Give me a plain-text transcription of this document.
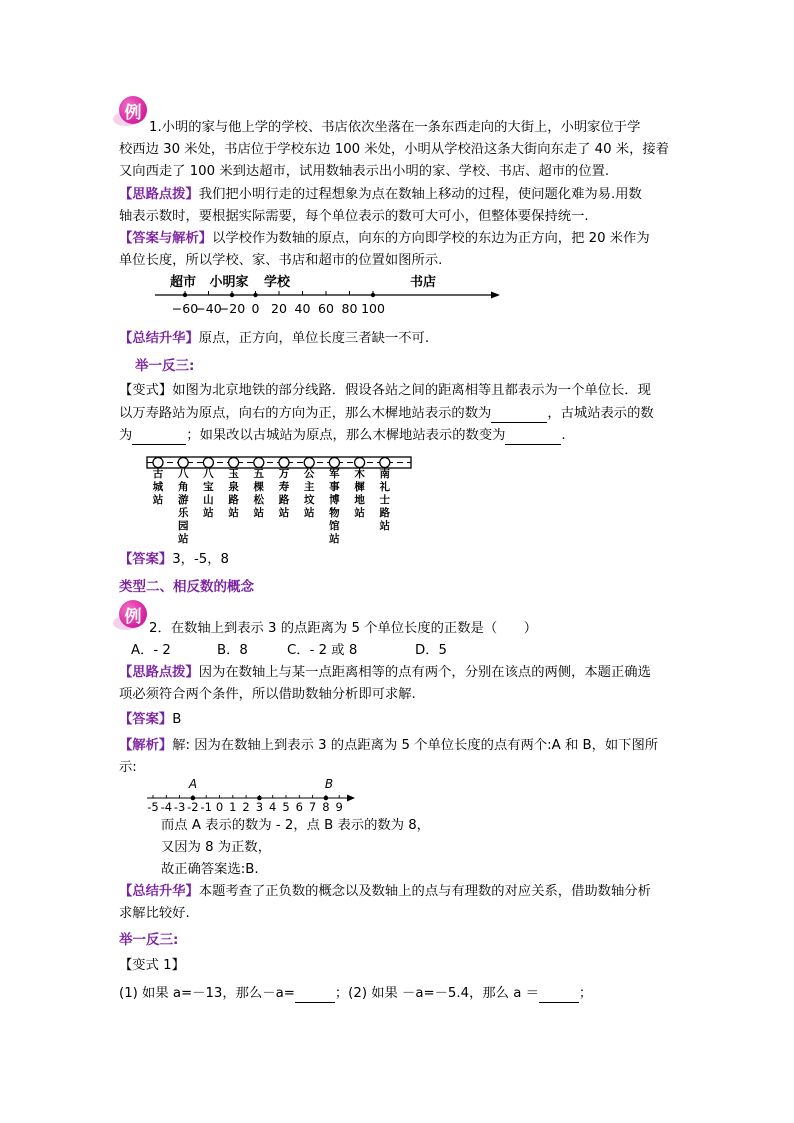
例
1.小明的家与他上学的学校、书店依次坐落在一条东西走向的大街上，小明家位于学
校西边 30 米处，书店位于学校东边 100 米处，小明从学校沿这条大街向东走了 40 米，接着
又向西走了 100 米到达超市，试用数轴表示出小明的家、学校、书店、超市的位置.
【思路点拨】我们把小明行走的过程想象为点在数轴上移动的过程，使问题化难为易.用数
轴表示数时，要根据实际需要，每个单位表示的数可大可小，但整体要保持统一.
【答案与解析】以学校作为数轴的原点，向东的方向即学校的东边为正方向，把 20 米作为
单位长度，所以学校、家、书店和超市的位置如图所示.
超市 小明家 学校	书店
−60
−40
−20 0 20 40 60 80 100
【总结升华】原点，正方向，单位长度三者缺一不可.
举一反三:
【变式】如图为北京地铁的部分线路．假设各站之间的距离相等且都表示为一个单位长．现
以万寿路站为原点，向右的方向为正，那么木樨地站表示的数为	，古城站表示的数
为	；如果改以古城站为原点，那么木樨地站表示的数变为	.
古城站
八角游乐园站
八宝山站
玉泉路站
五棵松站
万寿路站
公主坟站
军事博物馆站
木樨地站
南礼士路站
【答案】3，-5，8
类型二、相反数的概念
例
2．在数轴上到表示 3 的点距离为 5 个单位长度的正数是（　　）
A．- 2	B．8	C．- 2 或 8	D．5
【思路点拨】因为在数轴上与某一点距离相等的点有两个，分别在该点的两侧，本题正确选
项必须符合两个条件，所以借助数轴分析即可求解.
【答案】B
【解析】解: 因为在数轴上到表示 3 的点距离为 5 个单位长度的点有两个:A 和 B，如下图所
示:
A	B
-5 -4 -3 -2 -1 0 1 2 3 4 5 6 7 8 9
而点 A 表示的数为 - 2，点 B 表示的数为 8，
又因为 8 为正数，
故正确答案选:B.
【总结升华】本题考查了正负数的概念以及数轴上的点与有理数的对应关系，借助数轴分析
求解比较好.
举一反三:
【变式 1】
(1) 如果 a=－13，那么－a=	；(2) 如果 －a=－5.4，那么 a ＝	；
